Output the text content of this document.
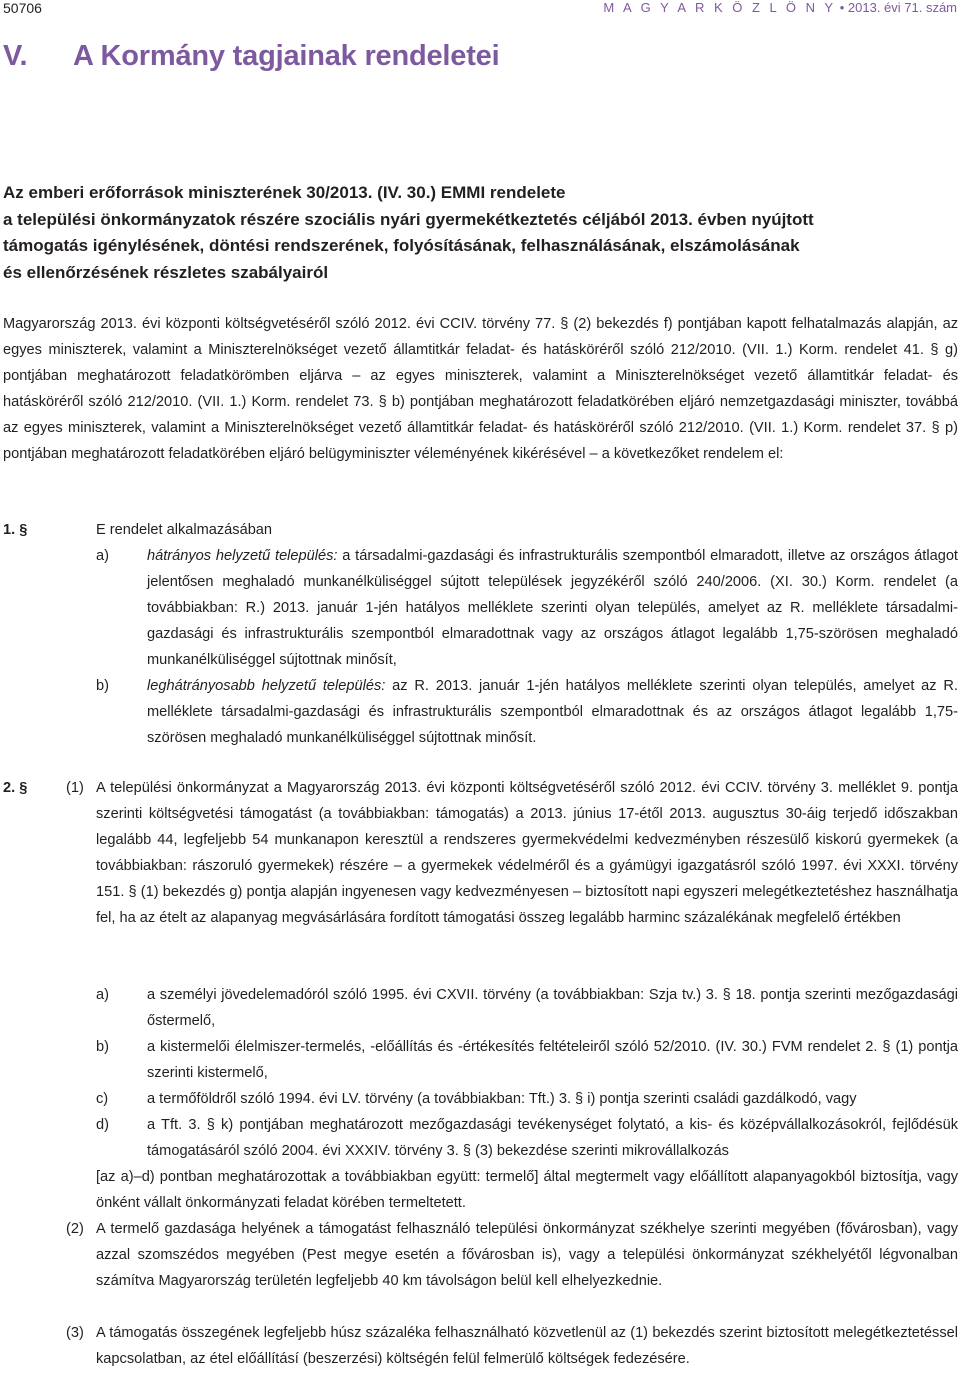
50706	M A G Y A R K Ö Z L Ö N Y • 2013. évi 71. szám
V. A Kormány tagjainak rendeletei
Az emberi erőforrások miniszterének 30/2013. (IV. 30.) EMMI rendelete
a települési önkormányzatok részére szociális nyári gyermekétkeztetés céljából 2013. évben nyújtott
támogatás igénylésének, döntési rendszerének, folyósításának, felhasználásának, elszámolásának
és ellenőrzésének részletes szabályairól
Magyarország 2013. évi központi költségvetéséről szóló 2012. évi CCIV. törvény 77. § (2) bekezdés f) pontjában kapott felhatalmazás alapján, az egyes miniszterek, valamint a Miniszterelnökséget vezető államtitkár feladat- és hatásköréről szóló 212/2010. (VII. 1.) Korm. rendelet 41. § g) pontjában meghatározott feladatkörömben eljárva – az egyes miniszterek, valamint a Miniszterelnökséget vezető államtitkár feladat- és hatásköréről szóló 212/2010. (VII. 1.) Korm. rendelet 73. § b) pontjában meghatározott feladatkörében eljáró nemzetgazdasági miniszter, továbbá az egyes miniszterek, valamint a Miniszterelnökséget vezető államtitkár feladat- és hatásköréről szóló 212/2010. (VII. 1.) Korm. rendelet 37. § p) pontjában meghatározott feladatkörében eljáró belügyminiszter véleményének kikérésével – a következőket rendelem el:
1. §	E rendelet alkalmazásában
a)	hátrányos helyzetű település: a társadalmi-gazdasági és infrastrukturális szempontból elmaradott, illetve az országos átlagot jelentősen meghaladó munkanélküliséggel sújtott települések jegyzékéről szóló 240/2006. (XI. 30.) Korm. rendelet (a továbbiakban: R.) 2013. január 1-jén hatályos melléklete szerinti olyan település, amelyet az R. melléklete társadalmi-gazdasági és infrastrukturális szempontból elmaradottnak vagy az országos átlagot legalább 1,75-szörösen meghaladó munkanélküliséggel sújtottnak minősít,
b)	leghátrányosabb helyzetű település: az R. 2013. január 1-jén hatályos melléklete szerinti olyan település, amelyet az R. melléklete társadalmi-gazdasági és infrastrukturális szempontból elmaradottnak és az országos átlagot legalább 1,75-szörösen meghaladó munkanélküliséggel sújtottnak minősít.
2. §	(1) A települési önkormányzat a Magyarország 2013. évi központi költségvetéséről szóló 2012. évi CCIV. törvény 3. melléklet 9. pontja szerinti költségvetési támogatást (a továbbiakban: támogatás) a 2013. június 17-étől 2013. augusztus 30-áig terjedő időszakban legalább 44, legfeljebb 54 munkanapon keresztül a rendszeres gyermekvédelmi kedvezményben részesülő kiskorú gyermekek (a továbbiakban: rászoruló gyermekek) részére – a gyermekek védelméről és a gyámügyi igazgatásról szóló 1997. évi XXXI. törvény 151. § (1) bekezdés g) pontja alapján ingyenesen vagy kedvezményesen – biztosított napi egyszeri melegétkeztetéshez használhatja fel, ha az ételt az alapanyag megvásárlására fordított támogatási összeg legalább harminc százalékának megfelelő értékben
a)	a személyi jövedelemadóról szóló 1995. évi CXVII. törvény (a továbbiakban: Szja tv.) 3. § 18. pontja szerinti mezőgazdasági őstermelő,
b)	a kistermelői élelmiszer-termelés, -előállítás és -értékesítés feltételeiről szóló 52/2010. (IV. 30.) FVM rendelet 2. § (1) pontja szerinti kistermelő,
c)	a termőföldről szóló 1994. évi LV. törvény (a továbbiakban: Tft.) 3. § i) pontja szerinti családi gazdálkodó, vagy
d)	a Tft. 3. § k) pontjában meghatározott mezőgazdasági tevékenységet folytató, a kis- és középvállalkozásokról, fejlődésük támogatásáról szóló 2004. évi XXXIV. törvény 3. § (3) bekezdése szerinti mikrovállalkozás
[az a)–d) pontban meghatározottak a továbbiakban együtt: termelő] által megtermelt vagy előállított alapanyagokból biztosítja, vagy önként vállalt önkormányzati feladat körében termeltetett.
(2) A termelő gazdasága helyének a támogatást felhasználó települési önkormányzat székhelye szerinti megyében (fővárosban), vagy azzal szomszédos megyében (Pest megye esetén a fővárosban is), vagy a települési önkormányzat székhelyétől légvonalban számítva Magyarország területén legfeljebb 40 km távolságon belül kell elhelyezkednie.
(3) A támogatás összegének legfeljebb húsz százaléka felhasználható közvetlenül az (1) bekezdés szerint biztosított melegétkeztetéssel kapcsolatban, az étel előállításí (beszerzési) költségén felül felmerülő költségek fedezésére.
